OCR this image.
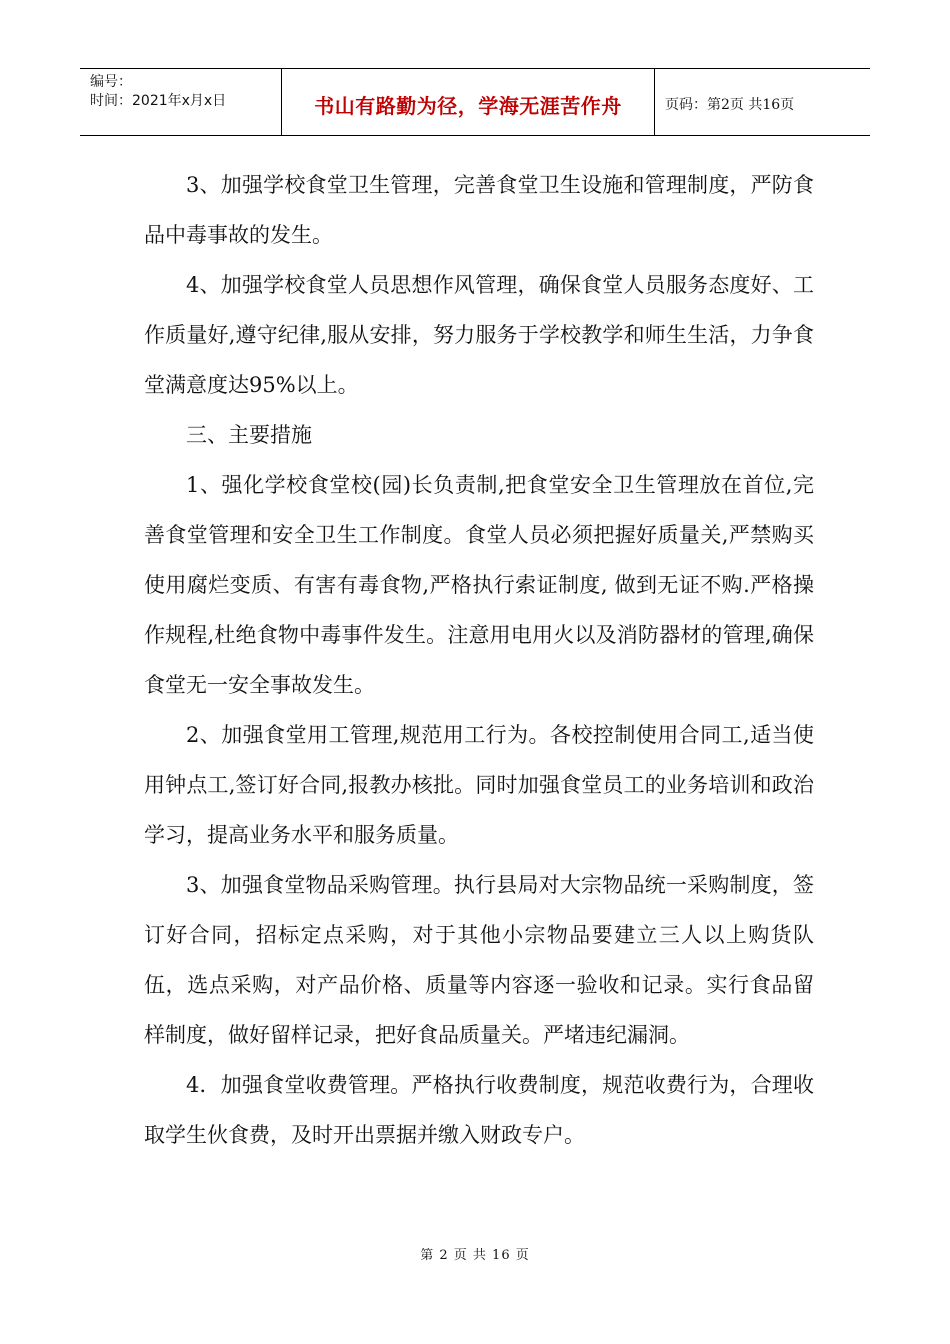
编号：
时间：2021年x月x日	书山有路勤为径，学海无涯苦作舟	页码：第2页 共16页

3、加强学校食堂卫生管理，完善食堂卫生设施和管理制度，严防食品中毒事故的发生。

4、加强学校食堂人员思想作风管理，确保食堂人员服务态度好、工作质量好,遵守纪律,服从安排，努力服务于学校教学和师生生活，力争食堂满意度达95%以上。

三、主要措施

1、强化学校食堂校(园)长负责制,把食堂安全卫生管理放在首位,完善食堂管理和安全卫生工作制度。食堂人员必须把握好质量关,严禁购买使用腐烂变质、有害有毒食物,严格执行索证制度, 做到无证不购.严格操作规程,杜绝食物中毒事件发生。注意用电用火以及消防器材的管理,确保食堂无一安全事故发生。

2、加强食堂用工管理,规范用工行为。各校控制使用合同工,适当使用钟点工,签订好合同,报教办核批。同时加强食堂员工的业务培训和政治学习，提高业务水平和服务质量。

3、加强食堂物品采购管理。执行县局对大宗物品统一采购制度，签订好合同，招标定点采购，对于其他小宗物品要建立三人以上购货队伍，选点采购，对产品价格、质量等内容逐一验收和记录。实行食品留样制度，做好留样记录，把好食品质量关。严堵违纪漏洞。

4．加强食堂收费管理。严格执行收费制度，规范收费行为，合理收取学生伙食费，及时开出票据并缴入财政专户。

第 2 页 共 16 页
